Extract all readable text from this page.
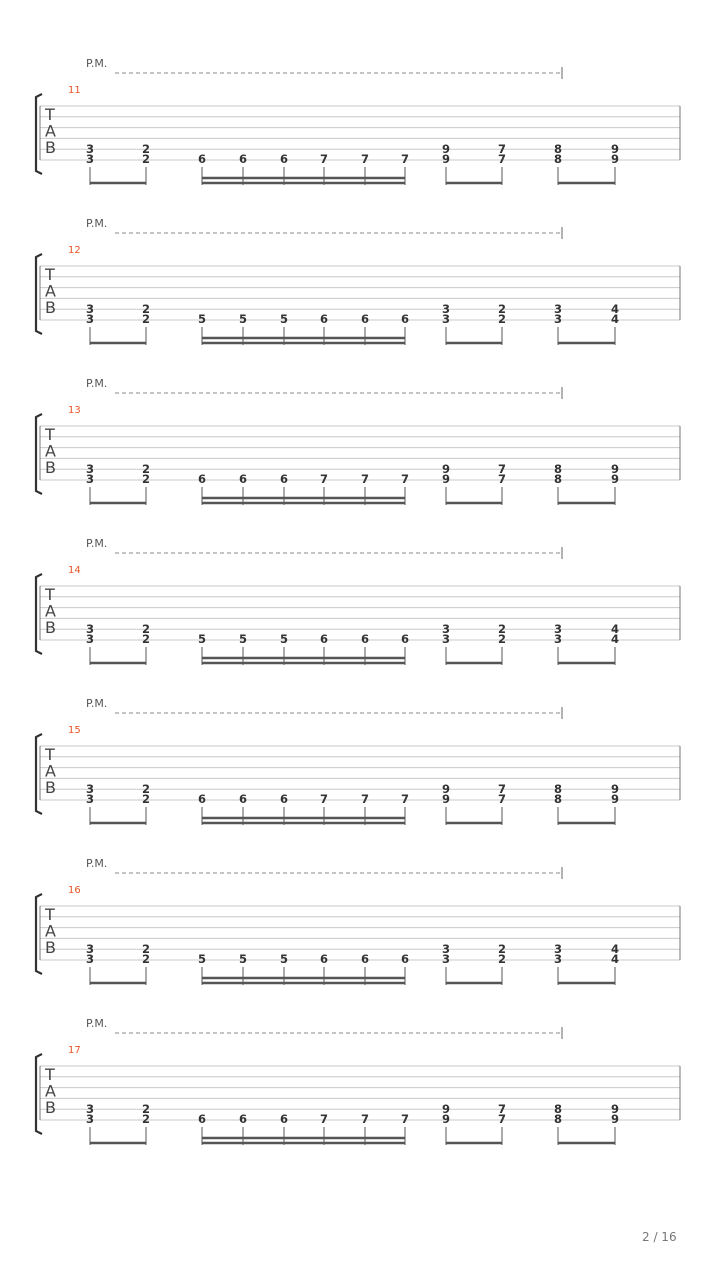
P.M.
11
T
A
B	3
3
2
2	6	6	6	7	7	7
9
9
7
7
8
8
9
9
P.M.
12
T
A
B	3
3
2
2	5	5	5	6	6	6
3
3
2
2
3
3
4
4
P.M.
13
T
A
B	3
3
2
2	6	6	6	7	7	7
9
9
7
7
8
8
9
9
P.M.
14
T
A
B	3
3
2
2	5	5	5	6	6	6
3
3
2
2
3
3
4
4
P.M.
15
T
A
B	3
3
2
2	6	6	6	7	7	7
9
9
7
7
8
8
9
9
P.M.
16
T
A
B	3
3
2
2	5	5	5	6	6	6
3
3
2
2
3
3
4
4
P.M.
17
T
A
B	3
3
2
2	6	6	6	7	7	7
9
9
7
7
8
8
9
9
2 / 16
